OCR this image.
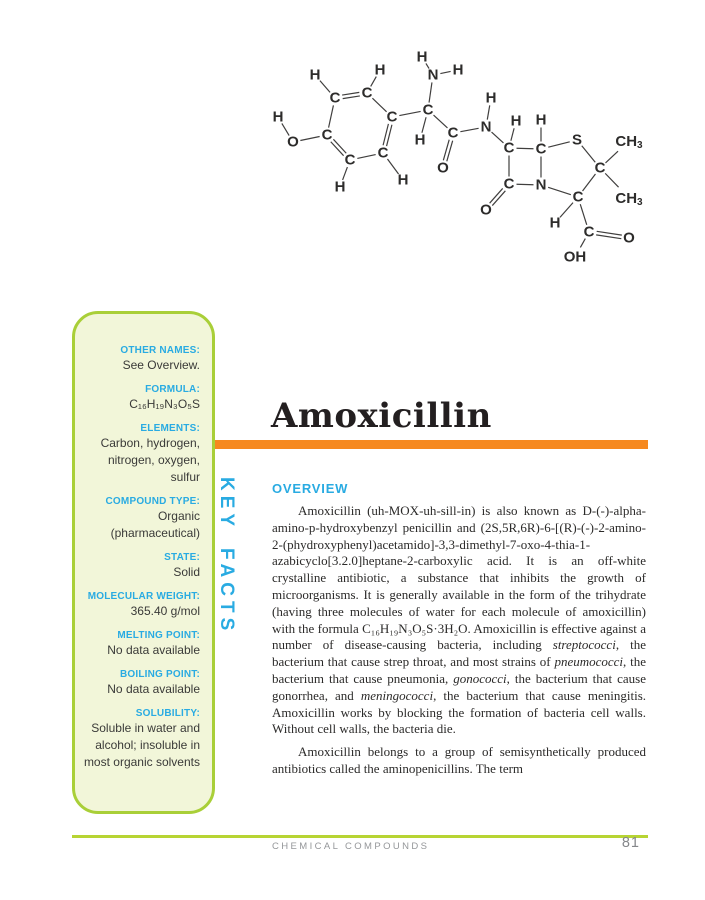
H
O C
C C
C
C
C
H	H
H
H
C
H
N
H
H
C
O
N
H
C
H
C
H
S
C
$CH_3$
$CH_3$
C
O
N
C
H
C O
OH
OTHER NAMES:
See Overview.
FORMULA:
C₁₆H₁₉N₃O₅S
ELEMENTS:
Carbon, hydrogen, nitrogen, oxygen, sulfur
COMPOUND TYPE:
Organic (pharmaceutical)
STATE:
Solid
MOLECULAR WEIGHT:
365.40 g/mol
MELTING POINT:
No data available
BOILING POINT:
No data available
SOLUBILITY:
Soluble in water and alcohol; insoluble in most organic solvents
KEY FACTS
Amoxicillin
OVERVIEW

Amoxicillin (uh-MOX-uh-sill-in) is also known as D-(-)-alpha-amino-p-hydroxybenzyl penicillin and (2S,5R,6R)-6-[(R)-(-)-2-amino-2-(phydroxyphenyl)acetamido]-3,3-dimethyl-7-oxo-4-thia-1-azabicyclo[3.2.0]heptane-2-carboxylic acid. It is an off-white crystalline antibiotic, a substance that inhibits the growth of microorganisms. It is generally available in the form of the trihydrate (having three molecules of water for each molecule of amoxicillin) with the formula C₁₆H₁₉N₃O₅S·3H₂O. Amoxicillin is effective against a number of disease-causing bacteria, including streptococci, the bacterium that cause strep throat, and most strains of pneumococci, the bacterium that cause pneumonia, gonococci, the bacterium that cause gonorrhea, and meningococci, the bacterium that cause meningitis. Amoxicillin works by blocking the formation of bacteria cell walls. Without cell walls, the bacteria die.

Amoxicillin belongs to a group of semisynthetically produced antibiotics called the aminopenicillins. The term

CHEMICAL COMPOUNDS	81
